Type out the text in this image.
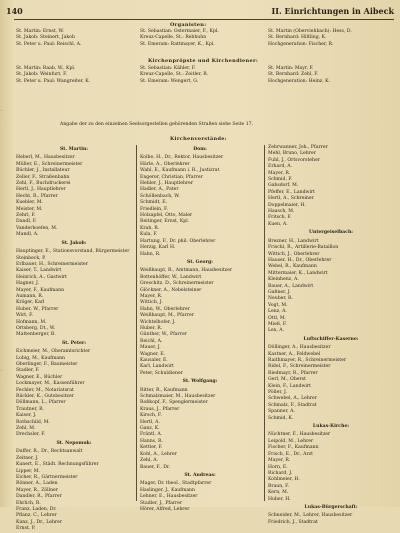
140	II. Einrichtungen in Aibeck
Organisten:
St. Martin: Ernst, W.
St. Jakob: Steinert, Jakob
St. Peter u. Paul: Reischl, A.
St. Sebastian: Ostermaier, F., Kpl.
Kreuz-Capelle, St.: Rebhuhn
St. Emeram: Rattmayer, K., Kpl.
St. Martin (Oberviehbach): Hess, D.
St. Bernhard: Hiltling, K.
Hochgeneration: Fischer, R.
Kirchenpröpste und Kirchendiener:
St. Martin: Raab, W., Kpl.
St. Jakob: Weinfurt, F.
St. Peter u. Paul: Wangreiter, K.
St. Sebastian: Kähler, F.
Kreuz-Capelle, St.: Zeitler, R.
St. Emeram: Wengert, G.
St. Martin: Mayr, F.
St. Bernhard: Zehl, F.
Hochgeneration: Heinz, K.
Angabe der zu den einzelnen Seelsorgestellen gehörenden Straßen siehe Seite 17.
Kirchenvorstände:
St. Martin:
Heberl, M., Hausbesitzer
Müller, E., Schreinermeister
Büchler, J., Installateur
Zeller, F., Straßenbahn
Zehl, F., Buchdruckerei
Hertl, J., Hauptlehrer
Hecht, R., Pfarrer
Kuebler, M.
Meister, M.
Zehrl, F.
Dandl, F.
Vanderhoefen, M.
Mandl, A.
St. Jakob:
Hauptinger, E., Stationsvorstand, Bürgermeister
Steinbeck, P.
Erlbauer, H., Schreinermeister
Kaiser, T., Landwirt
Heinrich, A., Gastwirt
Hagner, J.
Mayer, F., Kaufmann
Aumann, R.
Kröger, Karl
Huber, W., Pfarrer
Wirt, F.
Hofmann, M.
Ortsberg, Dt., W.
Mattenberger, B.
St. Peter:
Eichmeier, M., Oberamtsrichter
Lobig, M., Kaufmann
Oberlinger, F., Baumeister
Stadler, F.
Wagner, E., Büchler
Lockmayer, M., Kassenführer
Fechler, M., Notariatsrat
Rückler, K., Gutsbesitzer
Döllmann, L., Pfarrer
Trautner, R.
Kaiser, J.
Rothschild, M.
Zehl, M.
Drechsler, F.
St. Nepomuk:
Duffer, R., Dr., Rechtsanwalt
Zeitner, J.
Kunert, E., Städt. Rechnungsführer
Lipper, M.
Eicher, R., Gärtnermeister
Rönner, A., Laden
Mayer, R., Zöllner
Dandler, R., Pfarrer
Ehrlich, R.
Franz, Laden, Dr.
Pflanz, C., Lehrer
Kunz, J., Dr., Lehrer
Ernst, P.
Dom:
Kolbe, H., Dr., Rektor, Hausbesitzer
Härle, A., Oberlehrer
Wahl, E., Kaufmann i. R., Justizrat
Engerer, Christian, Pfarrer
Hehler, J., Hauptlehrer
Hadler, A., Pater
Schöllenbach, W.
Schmidt, E.
Friedlein, F.
Holzapfel, Otto, Maler
Reitinger, Ernst, Kpl.
Krah, R.
Kula, F.
Hartung, F., Dr. phil. Oberlehrer
Herzig, Karl H.
Hahn, R.
St. Georg:
Weißhaupt, R., Amtmann, Hausbesitzer
Bottenhöffer, W., Landwirt
Greschitz, D., Schreinermeister
Glöckner, A., Nebelsteiner
Mayer, R.
Wittich, J.
Hahn, W., Oberlehrer
Weißhaupt, M., Pfarrer
Wichtelhofer, J.
Huber, R.
Günther, W., Pfarrer
Reichl, A.
Mauer, J.
Wagner, E.
Kausaler, E.
Karl, Landwirt
Peter, Schuldiener
St. Wolfgang:
Ritter, R., Kaufmann
Schmalzmaier, M., Hausbesitzer
Roßkopf, F., Spenglermeister
Kraus, J., Pfarrer
Kirsch, F.
Hertl, A.
Ganz, K.
Fräntl, A.
Hanns, R.
Kettler, F.
Kohl, A., Lehrer
Zehl, A.
Bauer, F., Dr.
St. Andreas:
Mager, Dr. theol., Stadtpfarrer
Haslinger, J., Kaufmann
Lehner, E., Hausbesitzer
Stadler, J., Pfarrer
Hörer, Alfred, Lehrer
Zehrwanner, Joh., Pfarrer
Mehl, Bruno, Lehrer
Fuhl, J., Ortsvorsteher
Erhard, A.
Mayer, R.
Schmid, F.
Gabsdorf, M.
Pfeffer, E., Landwirt
Hertl, A., Schreiner
Doppelmaier, H.
Haasch, M.
Fritsch, F.
Kuen, A.
Untergeiselbach:
Brezner, H., Landwirt
Frischl, R., Artillerie-Bataillon
Wittich, J., Oberlehrer
Hauser, H., Dr., Oberlehrer
Webel, R., Kaufmann
Mittermaier, K., Landwirt
Kleinhenz, A.
Bauer, A., Landwirt
Gaßner, J.
Neuber, R.
Vogt, M.
Lenz, A.
Ottl, M.
Mieß, F.
Lex, A.
Luftschiffer-Kaserne:
Döllinger, A., Hausbesitzer
Kastner, A., Feldwebel
Raithmayer, R., Schreinermeister
Ridel, F., Schreinermeister
Riedmayr, R., Pfarrer
Gerl, M., Oberst
Klein, F., Landwirt
Pöller, J.
Schwebel, A., Lehrer
Schmalz, F., Stadtrat
Spanner, A.
Schmid, K.
Lukas-Kirche:
Nüchtner, F., Hausbesitzer
Leipold, M., Lehrer
Fischer, F., Kaufmann
Frisch, E., Dr., Arzt
Mayer, R.
Horn, E.
Richard, J.
Kohlmeier, H.
Braun, F.
Kern, M.
Huber, H.
Lukas-Bürgerschaft:
Schneider, M., Lehrer, Hausbesitzer
Friedrich, J., Stadtrat
·
·
